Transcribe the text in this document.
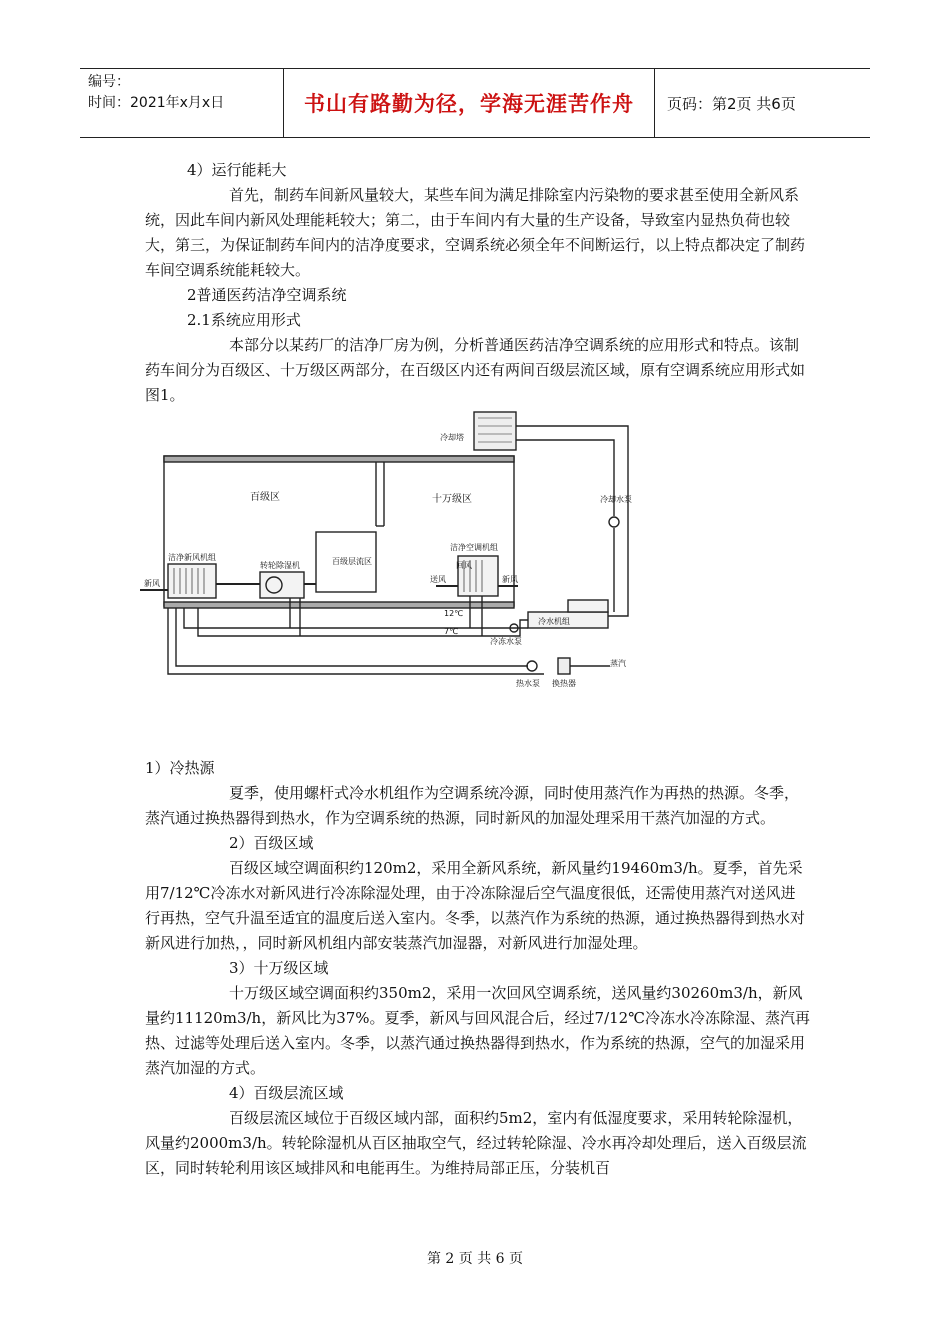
编号：
时间：2021年x月x日	书山有路勤为径，学海无涯苦作舟	页码：第2页 共6页

4）运行能耗大

首先，制药车间新风量较大，某些车间为满足排除室内污染物的要求甚至使用全新风系统，因此车间内新风处理能耗较大；第二，由于车间内有大量的生产设备，导致室内显热负荷也较大，第三，为保证制药车间内的洁净度要求，空调系统必须全年不间断运行，以上特点都决定了制药车间空调系统能耗较大。

2普通医药洁净空调系统

2.1系统应用形式

本部分以某药厂的洁净厂房为例，分析普通医药洁净空调系统的应用形式和特点。该制药车间分为百级区、十万级区两部分，在百级区内还有两间百级层流区域，原有空调系统应用形式如图1。

冷却塔
百级区	十万级区
百级层流区
洁净新风机组
转轮除湿机
洁净空调机组
回风
送风
新风	新风
冷却水泵
冷水机组
冷冻水泵
12℃
7℃
蒸汽
热水泵 换热器

1）冷热源

夏季，使用螺杆式冷水机组作为空调系统冷源，同时使用蒸汽作为再热的热源。冬季，蒸汽通过换热器得到热水，作为空调系统的热源，同时新风的加湿处理采用干蒸汽加湿的方式。

2）百级区域

百级区域空调面积约120m2，采用全新风系统，新风量约19460m3/h。夏季，首先采用7/12℃冷冻水对新风进行冷冻除湿处理，由于冷冻除湿后空气温度很低，还需使用蒸汽对送风进行再热，空气升温至适宜的温度后送入室内。冬季，以蒸汽作为系统的热源，通过换热器得到热水对新风进行加热，，同时新风机组内部安装蒸汽加湿器，对新风进行加湿处理。

3）十万级区域

十万级区域空调面积约350m2，采用一次回风空调系统，送风量约30260m3/h，新风量约11120m3/h，新风比为37%。夏季，新风与回风混合后，经过7/12℃冷冻水冷冻除湿、蒸汽再热、过滤等处理后送入室内。冬季，以蒸汽通过换热器得到热水，作为系统的热源，空气的加湿采用蒸汽加湿的方式。

4）百级层流区域

百级层流区域位于百级区域内部，面积约5m2，室内有低湿度要求，采用转轮除湿机，风量约2000m3/h。转轮除湿机从百区抽取空气，经过转轮除湿、冷水再冷却处理后，送入百级层流区，同时转轮利用该区域排风和电能再生。为维持局部正压，分装机百

第 2 页 共 6 页
